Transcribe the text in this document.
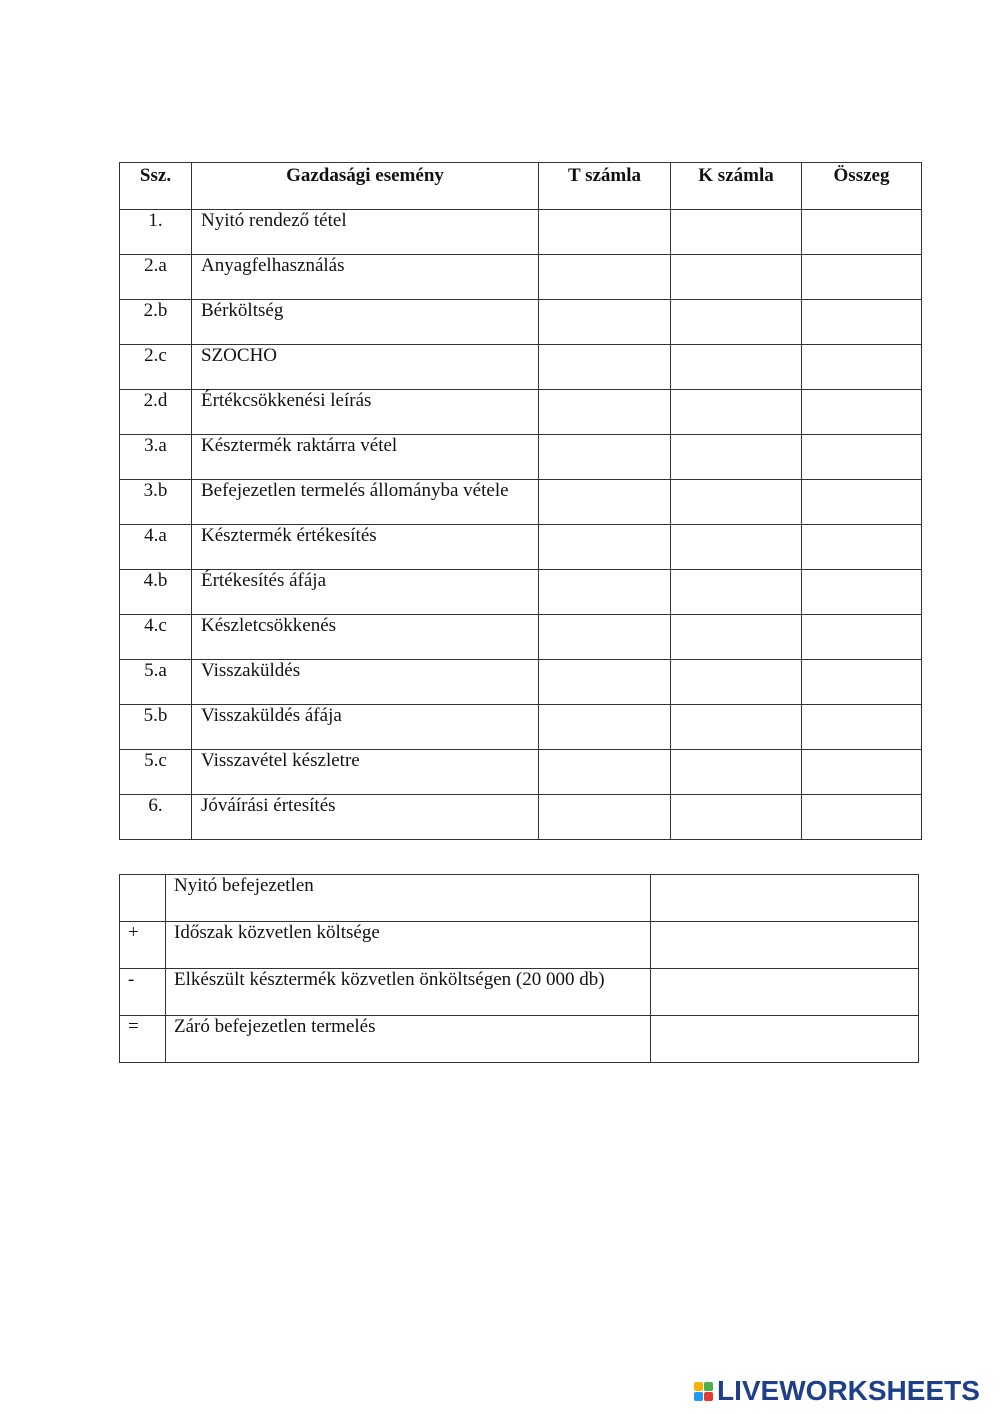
Ssz.	Gazdasági esemény	T számla	K számla	Összeg
1.	Nyitó rendező tétel			
2.a	Anyagfelhasználás			
2.b	Bérköltség			
2.c	SZOCHO			
2.d	Értékcsökkenési leírás			
3.a	Késztermék raktárra vétel			
3.b	Befejezetlen termelés állományba vétele			
4.a	Késztermék értékesítés			
4.b	Értékesítés áfája			
4.c	Készletcsökkenés			
5.a	Visszaküldés			
5.b	Visszaküldés áfája			
5.c	Visszavétel készletre			
6.	Jóváírási értesítés			
	Nyitó befejezetlen	
+	Időszak közvetlen költsége	
-	Elkészült késztermék közvetlen önköltségen (20 000 db)	
=	Záró befejezetlen termelés	
LIVEWORKSHEETS
